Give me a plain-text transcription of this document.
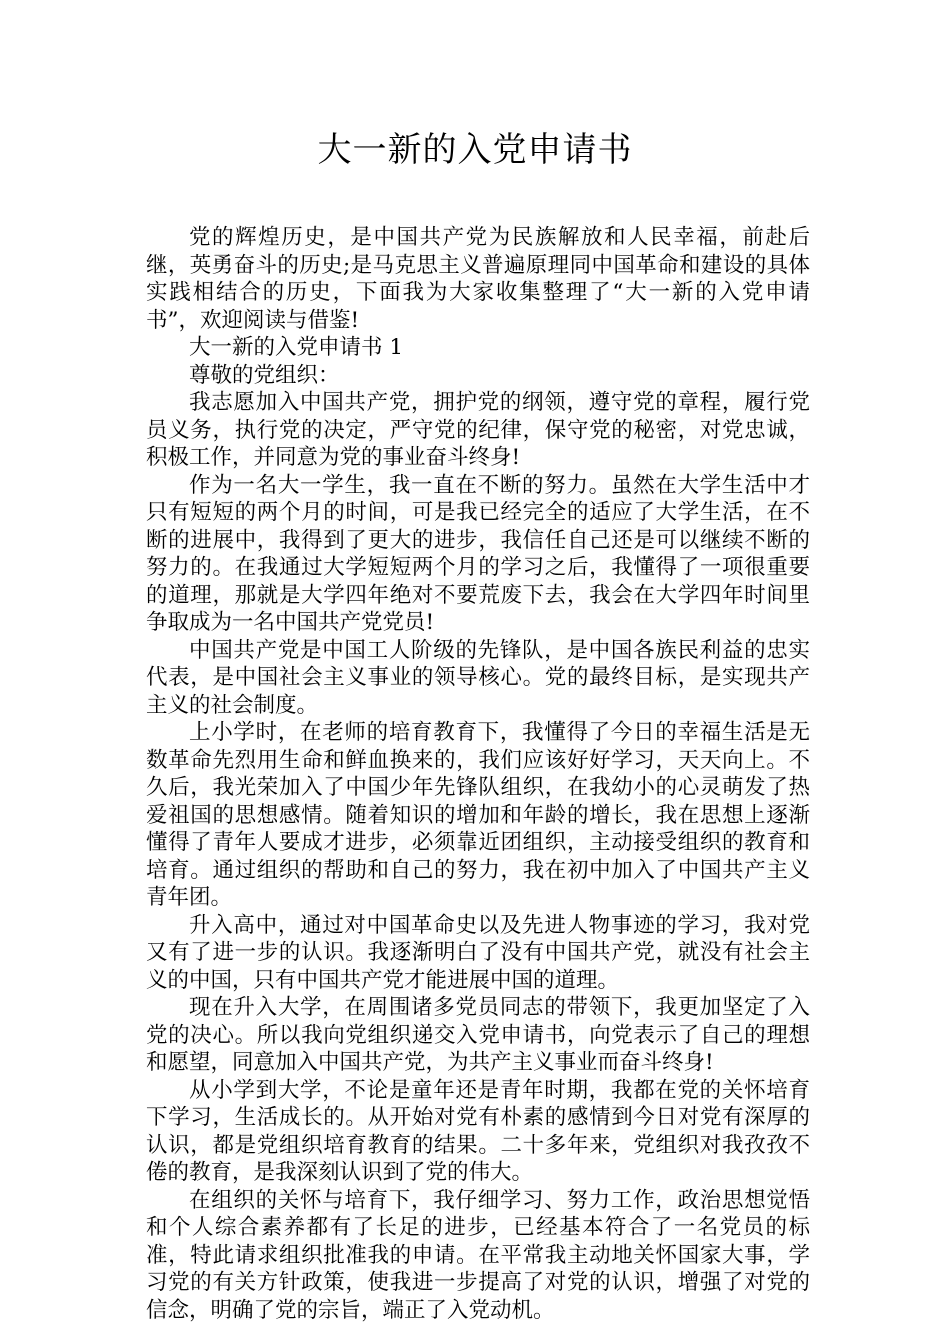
大一新的入党申请书

党的辉煌历史，是中国共产党为民族解放和人民幸福，前赴后继，英勇奋斗的历史;是马克思主义普遍原理同中国革命和建设的具体实践相结合的历史，下面我为大家收集整理了“大一新的入党申请书”，欢迎阅读与借鉴!

大一新的入党申请书 1

尊敬的党组织：

我志愿加入中国共产党，拥护党的纲领，遵守党的章程，履行党员义务，执行党的决定，严守党的纪律，保守党的秘密，对党忠诚，积极工作，并同意为党的事业奋斗终身!

作为一名大一学生，我一直在不断的努力。虽然在大学生活中才只有短短的两个月的时间，可是我已经完全的适应了大学生活，在不断的进展中，我得到了更大的进步，我信任自己还是可以继续不断的努力的。在我通过大学短短两个月的学习之后，我懂得了一项很重要的道理，那就是大学四年绝对不要荒废下去，我会在大学四年时间里争取成为一名中国共产党党员!

中国共产党是中国工人阶级的先锋队，是中国各族民利益的忠实代表，是中国社会主义事业的领导核心。党的最终目标，是实现共产主义的社会制度。

上小学时，在老师的培育教育下，我懂得了今日的幸福生活是无数革命先烈用生命和鲜血换来的，我们应该好好学习，天天向上。不久后，我光荣加入了中国少年先锋队组织，在我幼小的心灵萌发了热爱祖国的思想感情。随着知识的增加和年龄的增长，我在思想上逐渐懂得了青年人要成才进步，必须靠近团组织，主动接受组织的教育和培育。通过组织的帮助和自己的努力，我在初中加入了中国共产主义青年团。

升入高中，通过对中国革命史以及先进人物事迹的学习，我对党又有了进一步的认识。我逐渐明白了没有中国共产党，就没有社会主义的中国，只有中国共产党才能进展中国的道理。

现在升入大学，在周围诸多党员同志的带领下，我更加坚定了入党的决心。所以我向党组织递交入党申请书，向党表示了自己的理想和愿望，同意加入中国共产党，为共产主义事业而奋斗终身!

从小学到大学，不论是童年还是青年时期，我都在党的关怀培育下学习，生活成长的。从开始对党有朴素的感情到今日对党有深厚的认识，都是党组织培育教育的结果。二十多年来，党组织对我孜孜不倦的教育，是我深刻认识到了党的伟大。

在组织的关怀与培育下，我仔细学习、努力工作，政治思想觉悟和个人综合素养都有了长足的进步，已经基本符合了一名党员的标准，特此请求组织批准我的申请。在平常我主动地关怀国家大事，学习党的有关方针政策，使我进一步提高了对党的认识，增强了对党的信念，明确了党的宗旨，端正了入党动机。
